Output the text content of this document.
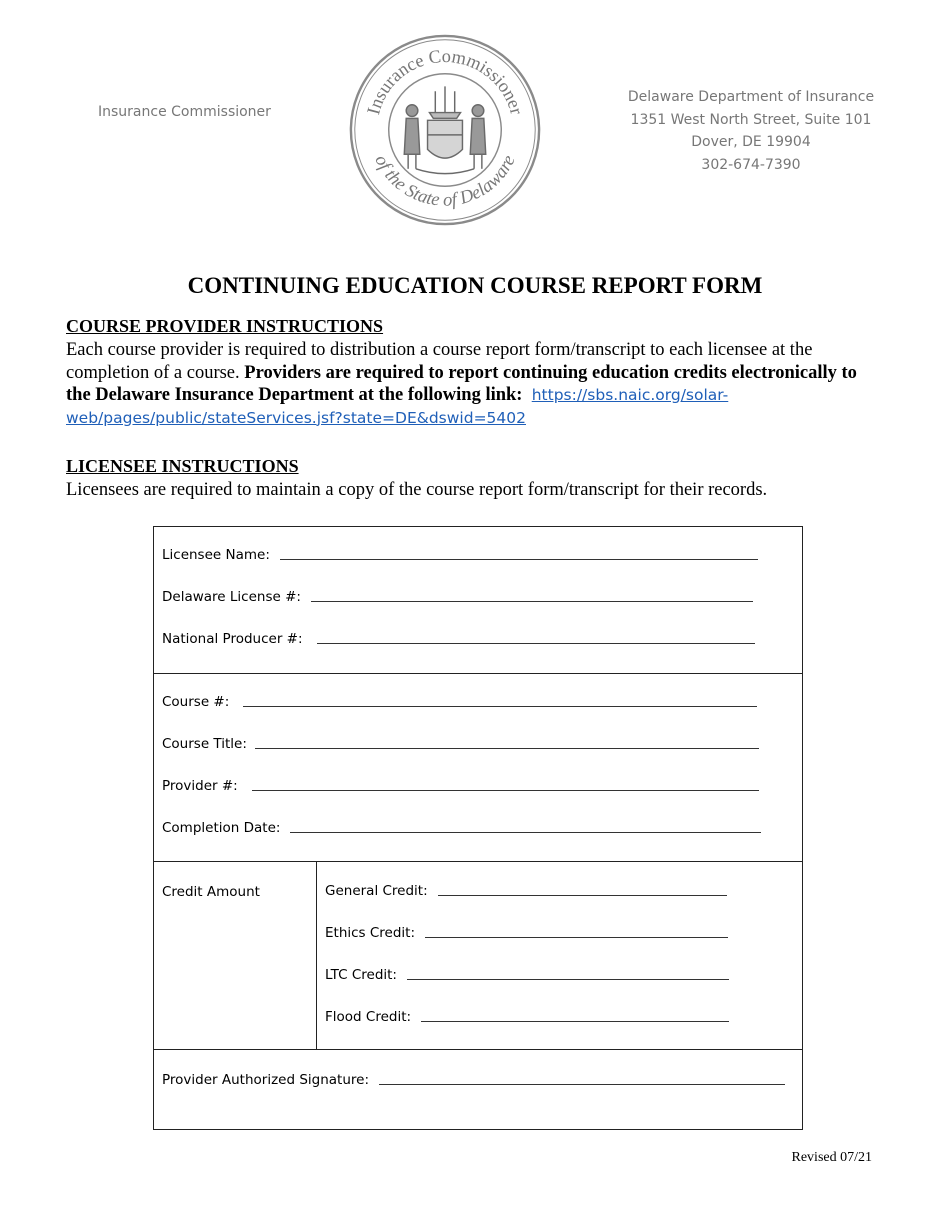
Insurance Commissioner	Insurance Commissioner
of the State of Delaware
Delaware Department of Insurance
1351 West North Street, Suite 101
Dover, DE 19904
302-674-7390
CONTINUING EDUCATION COURSE REPORT FORM
COURSE PROVIDER INSTRUCTIONS
Each course provider is required to distribution a course report form/transcript to each licensee at the completion of a course. Providers are required to report continuing education credits electronically to the Delaware Insurance Department at the following link: https://sbs.naic.org/solar-web/pages/public/stateServices.jsf?state=DE&dswid=5402
LICENSEE INSTRUCTIONS
Licensees are required to maintain a copy of the course report form/transcript for their records.
Licensee Name:
Delaware License #:
National Producer #:
Course #:
Course Title:
Provider #:
Completion Date:
Credit Amount	General Credit:
Ethics Credit:
LTC Credit:
Flood Credit:
Provider Authorized Signature:
Revised 07/21
